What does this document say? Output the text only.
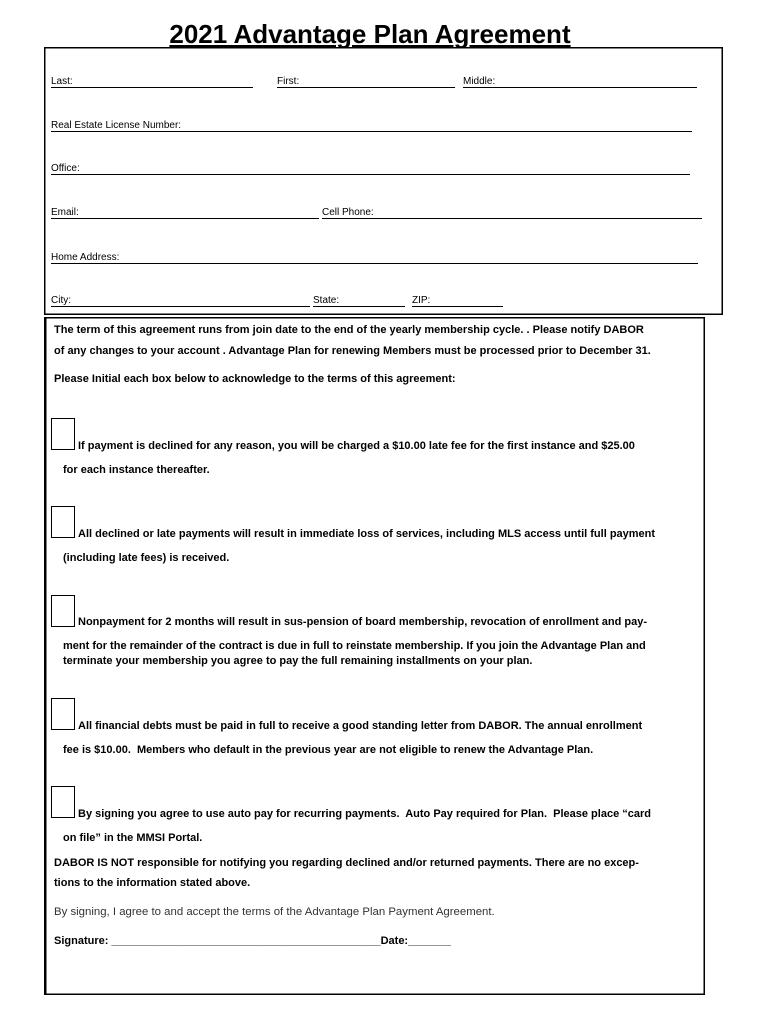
2021 Advantage Plan Agreement
Last:	First:	Middle:
Real Estate License Number:
Office:
Email:	Cell Phone:
Home Address:
City:	State:	ZIP:
The term of this agreement runs from join date to the end of the yearly membership cycle. . Please notify DABOR
of any changes to your account . Advantage Plan for renewing Members must be processed prior to December 31.
Please Initial each box below to acknowledge to the terms of this agreement:
If payment is declined for any reason, you will be charged a $10.00 late fee for the first instance and $25.00
for each instance thereafter.
All declined or late payments will result in immediate loss of services, including MLS access until full payment
(including late fees) is received.
Nonpayment for 2 months will result in sus-pension of board membership, revocation of enrollment and pay-
ment for the remainder of the contract is due in full to reinstate membership. If you join the Advantage Plan and
terminate your membership you agree to pay the full remaining installments on your plan.
All financial debts must be paid in full to receive a good standing letter from DABOR. The annual enrollment
fee is $10.00.  Members who default in the previous year are not eligible to renew the Advantage Plan.
By signing you agree to use auto pay for recurring payments.  Auto Pay required for Plan.  Please place “card
on file” in the MMSI Portal.
DABOR IS NOT responsible for notifying you regarding declined and/or returned payments. There are no excep-
tions to the information stated above.
By signing, I agree to and accept the terms of the Advantage Plan Payment Agreement.
Signature: ____________________________________________Date:_______
